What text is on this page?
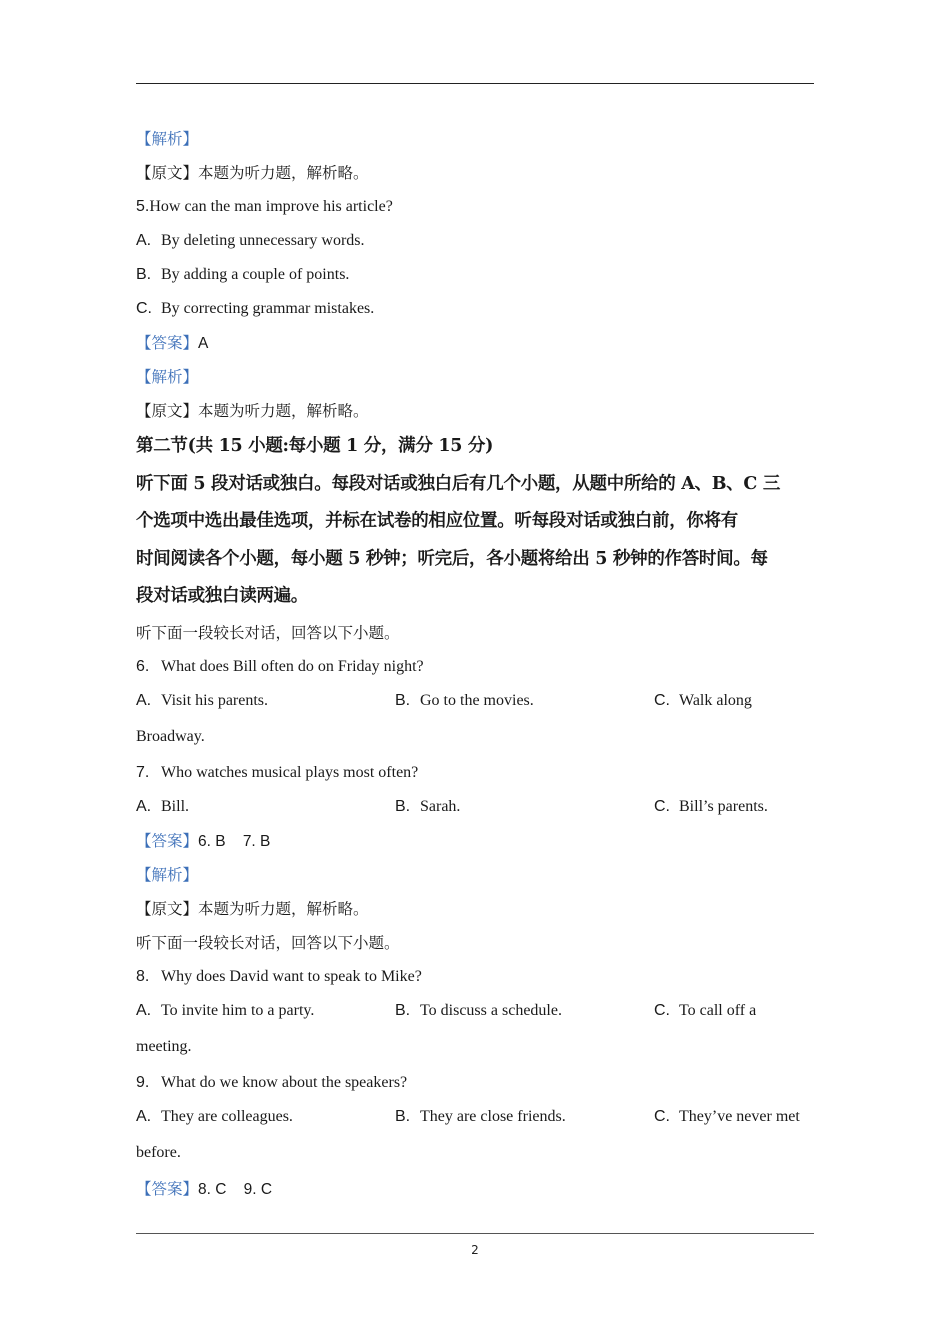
【解析】
【原文】本题为听力题，解析略。
5.How can the man improve his article?
A. By deleting unnecessary words.
B. By adding a couple of points.
C. By correcting grammar mistakes.
【答案】A
【解析】
【原文】本题为听力题，解析略。
第二节(共 15 小题:每小题 1 分，满分 15 分)
听下面 5 段对话或独白。每段对话或独白后有几个小题，从题中所给的 A、B、C 三
个选项中选出最佳选项，并标在试卷的相应位置。听每段对话或独白前，你将有
时间阅读各个小题，每小题 5 秒钟；听完后，各小题将给出 5 秒钟的作答时间。每
段对话或独白读两遍。
听下面一段较长对话，回答以下小题。
6. What does Bill often do on Friday night?
A. Visit his parents.	B. Go to the movies.	C. Walk along
Broadway.
7. Who watches musical plays most often?
A. Bill.	B. Sarah.	C. Bill’s parents.
【答案】6. B    7. B
【解析】
【原文】本题为听力题，解析略。
听下面一段较长对话，回答以下小题。
8. Why does David want to speak to Mike?
A. To invite him to a party.	B. To discuss a schedule.	C. To call off a
meeting.
9. What do we know about the speakers?
A. They are colleagues.	B. They are close friends.	C. They’ve never met
before.
【答案】8. C    9. C
2
